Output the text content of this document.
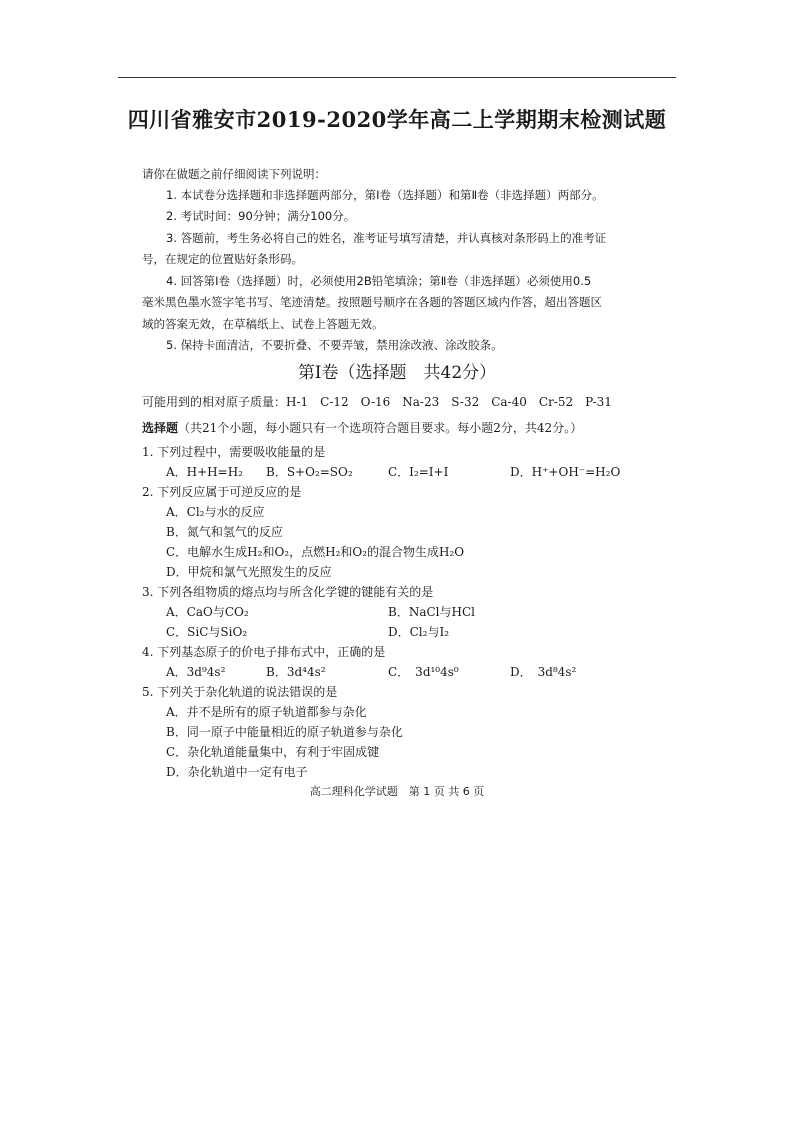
四川省雅安市2019-2020学年高二上学期期末检测试题
请你在做题之前仔细阅读下列说明：
1. 本试卷分选择题和非选择题两部分，第Ⅰ卷（选择题）和第Ⅱ卷（非选择题）两部分。
2. 考试时间：90分钟；满分100分。
3. 答题前，考生务必将自己的姓名，准考证号填写清楚，并认真核对条形码上的准考证
号，在规定的位置贴好条形码。
4. 回答第Ⅰ卷（选择题）时，必须使用2B铅笔填涂；第Ⅱ卷（非选择题）必须使用0.5
毫米黑色墨水签字笔书写、笔迹清楚。按照题号顺序在各题的答题区域内作答，超出答题区
域的答案无效，在草稿纸上、试卷上答题无效。
5. 保持卡面清洁，不要折叠、不要弄皱，禁用涂改液、涂改胶条。
第Ⅰ卷（选择题　共42分）
可能用到的相对原子质量：H-1　C-12　O-16　Na-23　S-32　Ca-40　Cr-52　P-31
选择题（共21个小题，每小题只有一个选项符合题目要求。每小题2分，共42分。）
1. 下列过程中，需要吸收能量的是
A．H+H=H₂ B．S+O₂=SO₂	C．I₂=I+I	D．H⁺+OH⁻=H₂O
2. 下列反应属于可逆反应的是
A．Cl₂与水的反应
B．氮气和氢气的反应
C．电解水生成H₂和O₂，点燃H₂和O₂的混合物生成H₂O
D．甲烷和氯气光照发生的反应
3. 下列各组物质的熔点均与所含化学键的键能有关的是
A．CaO与CO₂	B．NaCl与HCl
C．SiC与SiO₂	D．Cl₂与I₂
4. 下列基态原子的价电子排布式中，正确的是
A．3d⁹4s²	B．3d⁴4s²	C．　3d¹⁰4s⁰	D．　3d⁸4s²
5. 下列关于杂化轨道的说法错误的是
A．并不是所有的原子轨道都参与杂化
B．同一原子中能量相近的原子轨道参与杂化
C．杂化轨道能量集中，有利于牢固成键
D．杂化轨道中一定有电子
高二理科化学试题　第 1 页 共 6 页
